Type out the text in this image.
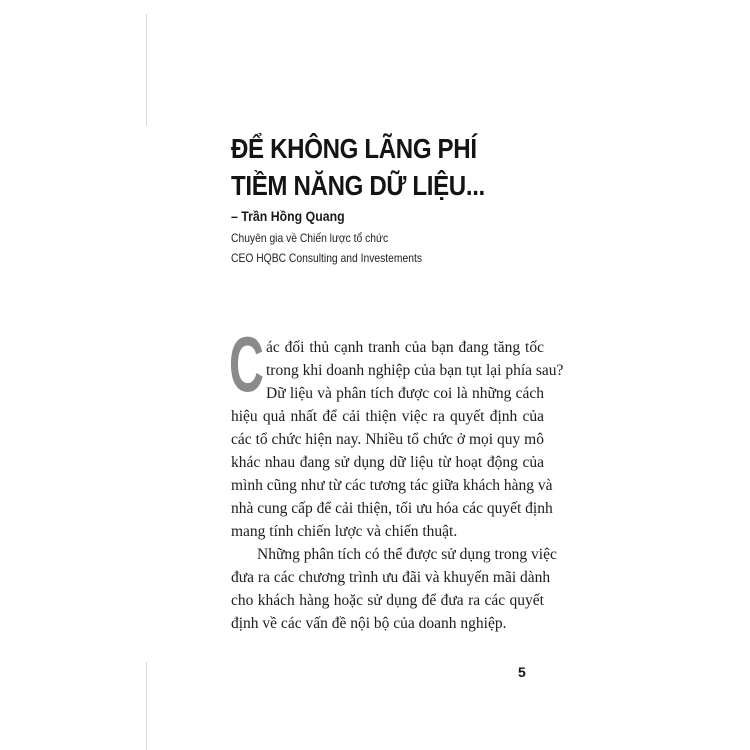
ĐỂ KHÔNG LÃNG PHÍ
TIỀM NĂNG DỮ LIỆU...
– Trần Hồng Quang
Chuyên gia về Chiến lược tổ chức
CEO HQBC Consulting and Investements
C ác đối thủ cạnh tranh của bạn đang tăng tốc

trong khi doanh nghiệp của bạn tụt lại phía sau?

Dữ liệu và phân tích được coi là những cách

hiệu quả nhất để cải thiện việc ra quyết định của

các tổ chức hiện nay. Nhiều tổ chức ở mọi quy mô

khác nhau đang sử dụng dữ liệu từ hoạt động của

mình cũng như từ các tương tác giữa khách hàng và

nhà cung cấp để cải thiện, tối ưu hóa các quyết định

mang tính chiến lược và chiến thuật.

Những phân tích có thể được sử dụng trong việc

đưa ra các chương trình ưu đãi và khuyến mãi dành

cho khách hàng hoặc sử dụng để đưa ra các quyết

định về các vấn đề nội bộ của doanh nghiệp.

5
